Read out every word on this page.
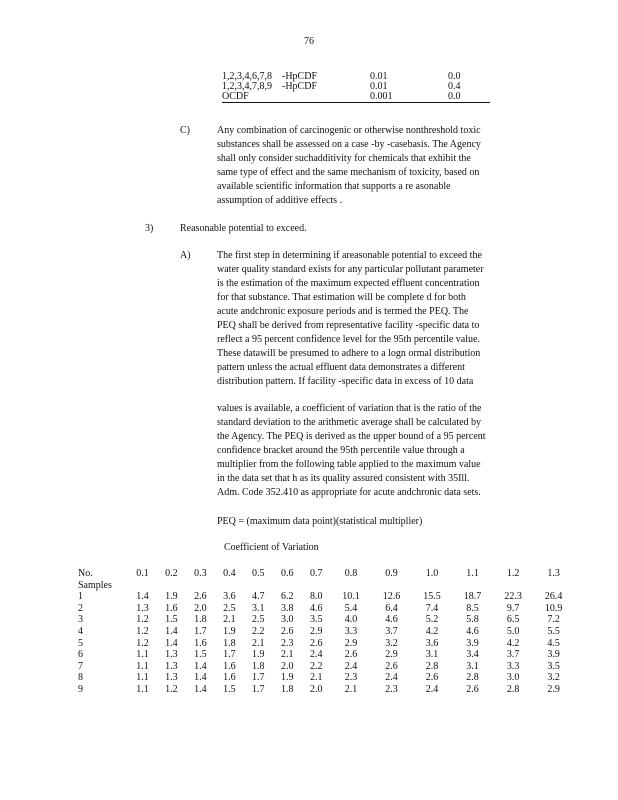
76
1,2,3,4,6,7,8	-HpCDF	0.01	0.0
1,2,3,4,7,8,9	-HpCDF	0.01	0.4
OCDF		0.001	0.0
C)	Any combination of carcinogenic or otherwise nonthreshold toxic
substances shall be assessed on a case -by -casebasis. The Agency
shall only consider suchadditivity for chemicals that exhibit the
same type of effect and the same mechanism of toxicity, based on
available scientific information that supports a re asonable
assumption of additive effects .
3)	Reasonable potential to exceed.
A)	The first step in determining if areasonable potential to exceed the
water quality standard exists for any particular pollutant parameter
is the estimation of the maximum expected effluent concentration
for that substance. That estimation will be complete d for both
acute andchronic exposure periods and is termed the PEQ. The
PEQ shall be derived from representative facility -specific data to
reflect a 95 percent confidence level for the 95th percentile value.
These datawill be presumed to adhere to a logn ormal distribution
pattern unless the actual effluent data demonstrates a different
distribution pattern. If facility -specific data in excess of 10 data
values is available, a coefficient of variation that is the ratio of the
standard deviation to the arithmetic average shall be calculated by
the Agency. The PEQ is derived as the upper bound of a 95 percent
confidence bracket around the 95th percentile value through a
multiplier from the following table applied to the maximum value
in the data set that h as its quality assured consistent with 35Ill.
Adm. Code 352.410 as appropriate for acute andchronic data sets.
PEQ = (maximum data point)(statistical multiplier)
Coefficient of Variation
No.	0.1	0.2	0.3	0.4	0.5	0.6	0.7	0.8	0.9	1.0	1.1	1.2	1.3
Samples													
1	1.4	1.9	2.6	3.6	4.7	6.2	8.0	10.1	12.6	15.5	18.7	22.3	26.4
2	1.3	1.6	2.0	2.5	3.1	3.8	4.6	5.4	6.4	7.4	8.5	9.7	10.9
3	1.2	1.5	1.8	2.1	2.5	3.0	3.5	4.0	4.6	5.2	5.8	6.5	7.2
4	1.2	1.4	1.7	1.9	2.2	2.6	2.9	3.3	3.7	4.2	4.6	5.0	5.5
5	1.2	1.4	1.6	1.8	2.1	2.3	2.6	2.9	3.2	3.6	3.9	4.2	4.5
6	1.1	1.3	1.5	1.7	1.9	2.1	2.4	2.6	2.9	3.1	3.4	3.7	3.9
7	1.1	1.3	1.4	1.6	1.8	2.0	2.2	2.4	2.6	2.8	3.1	3.3	3.5
8	1.1	1.3	1.4	1.6	1.7	1.9	2.1	2.3	2.4	2.6	2.8	3.0	3.2
9	1.1	1.2	1.4	1.5	1.7	1.8	2.0	2.1	2.3	2.4	2.6	2.8	2.9
